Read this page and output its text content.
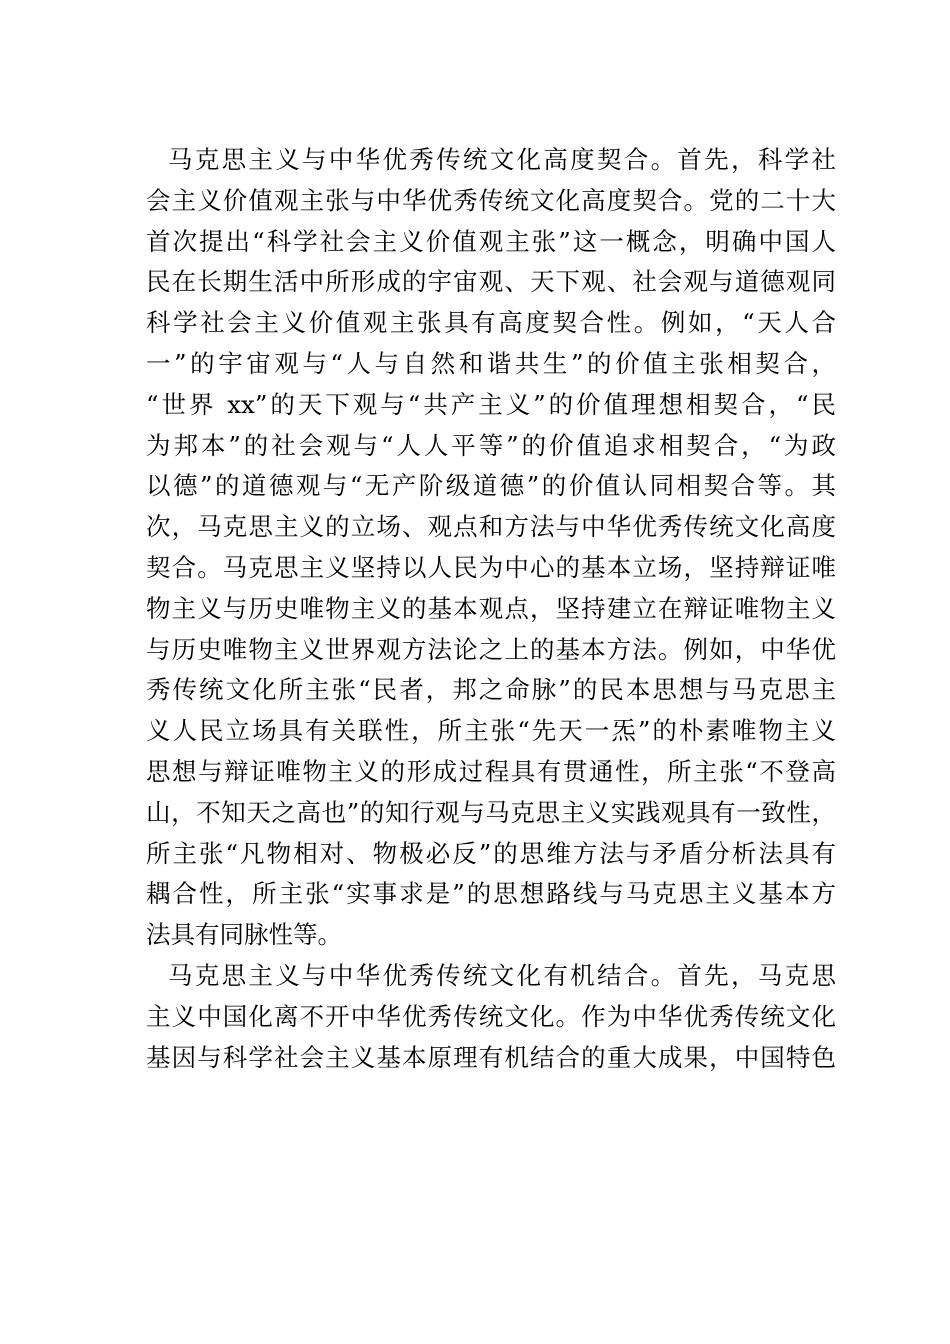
马克思主义与中华优秀传统文化高度契合。首先，科学社
会主义价值观主张与中华优秀传统文化高度契合。党的二十大
首次提出“科学社会主义价值观主张”这一概念，明确中国人
民在长期生活中所形成的宇宙观、天下观、社会观与道德观同
科学社会主义价值观主张具有高度契合性。例如，“天人合
一”的宇宙观与“人与自然和谐共生”的价值主张相契合，
“世界 xx”的天下观与“共产主义”的价值理想相契合，“民
为邦本”的社会观与“人人平等”的价值追求相契合，“为政
以德”的道德观与“无产阶级道德”的价值认同相契合等。其
次，马克思主义的立场、观点和方法与中华优秀传统文化高度
契合。马克思主义坚持以人民为中心的基本立场，坚持辩证唯
物主义与历史唯物主义的基本观点，坚持建立在辩证唯物主义
与历史唯物主义世界观方法论之上的基本方法。例如，中华优
秀传统文化所主张“民者，邦之命脉”的民本思想与马克思主
义人民立场具有关联性，所主张“先天一炁”的朴素唯物主义
思想与辩证唯物主义的形成过程具有贯通性，所主张“不登高
山，不知天之高也”的知行观与马克思主义实践观具有一致性，
所主张“凡物相对、物极必反”的思维方法与矛盾分析法具有
耦合性，所主张“实事求是”的思想路线与马克思主义基本方
法具有同脉性等。
马克思主义与中华优秀传统文化有机结合。首先，马克思
主义中国化离不开中华优秀传统文化。作为中华优秀传统文化
基因与科学社会主义基本原理有机结合的重大成果，中国特色
